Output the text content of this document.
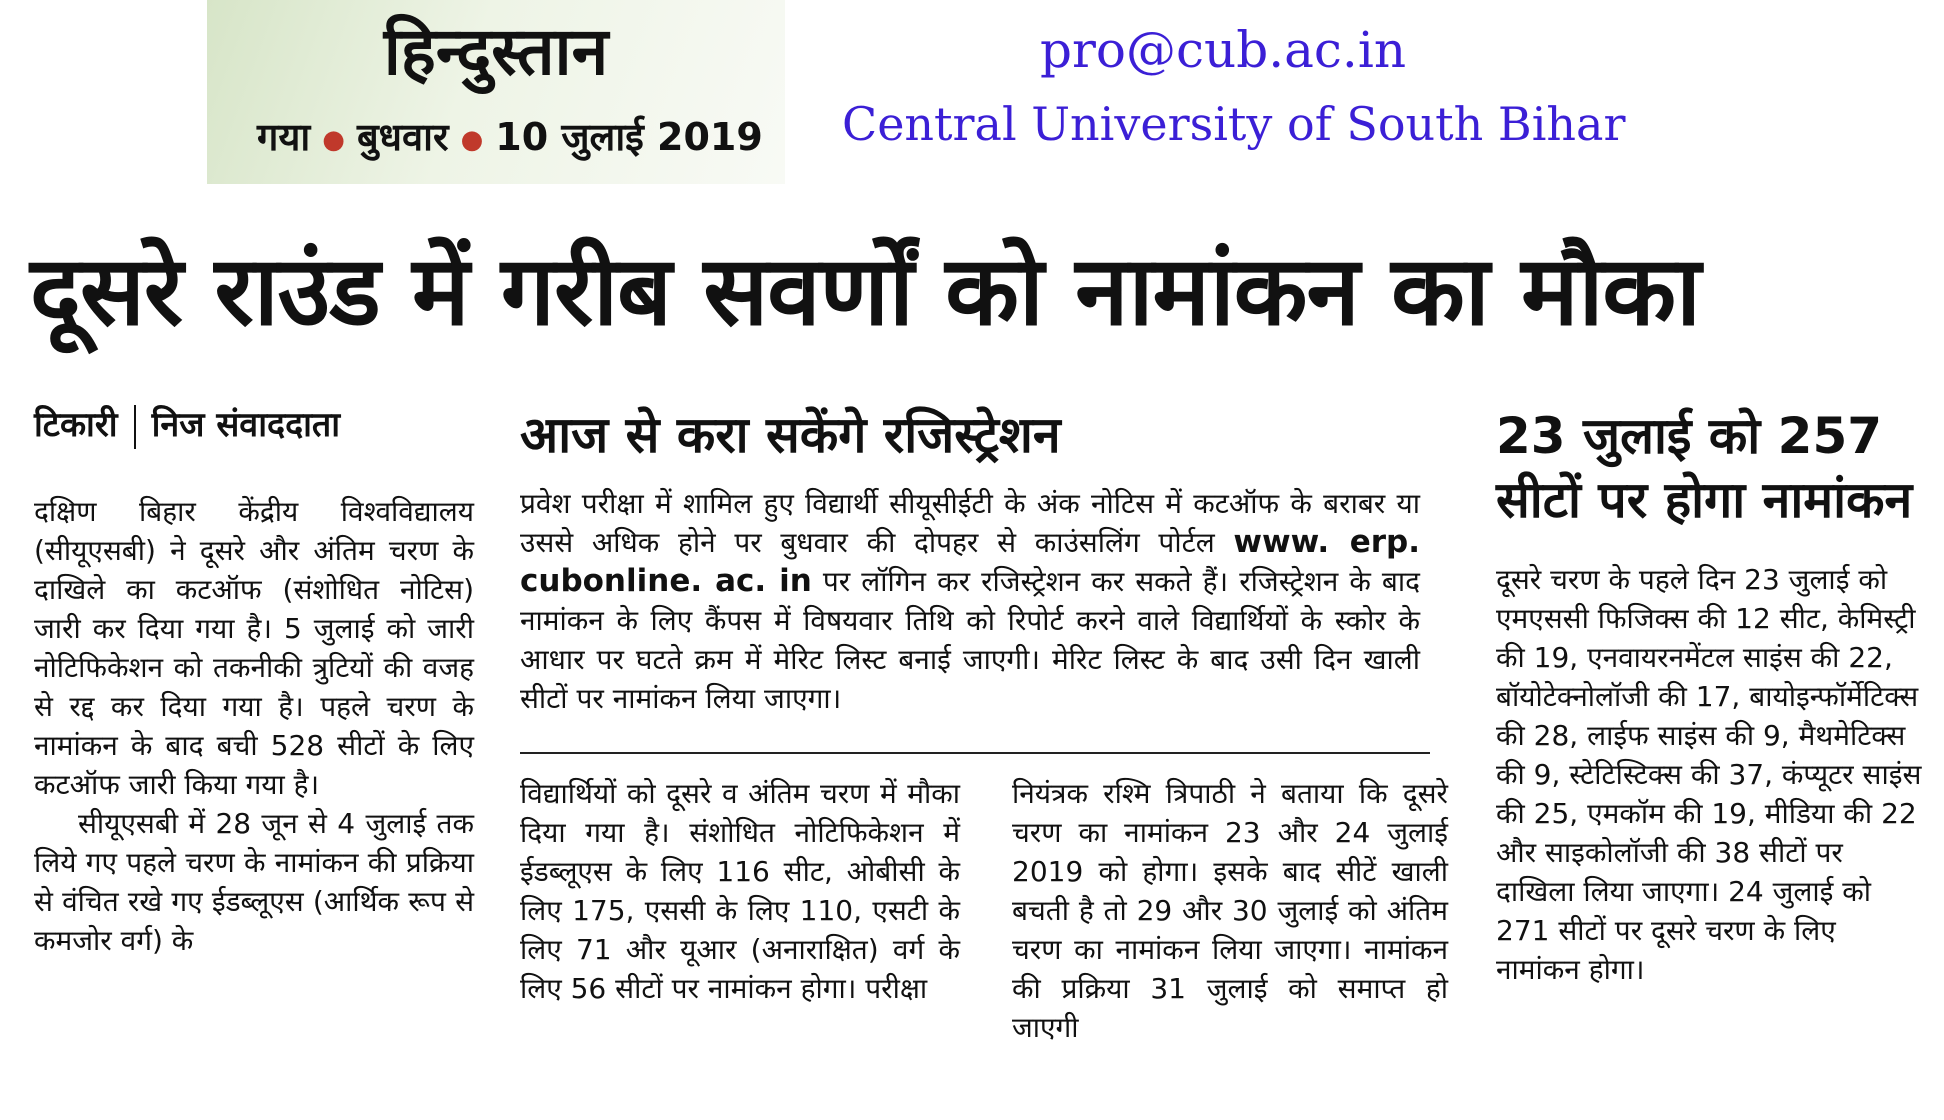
हिन्दुस्तान
गया ● बुधवार ● 10 जुलाई 2019
pro@cub.ac.in
Central University of South Bihar
दूसरे राउंड में गरीब सवर्णों को नामांकन का मौका
टिकारी निज संवाददाता

दक्षिण बिहार केंद्रीय विश्वविद्यालय (सीयूएसबी) ने दूसरे और अंतिम चरण के दाखिले का कटऑफ (संशोधित नोटिस) जारी कर दिया गया है। 5 जुलाई को जारी नोटिफिकेशन को तकनीकी त्रुटियों की वजह से रद्द कर दिया गया है। पहले चरण के नामांकन के बाद बची 528 सीटों के लिए कटऑफ जारी किया गया है।

सीयूएसबी में 28 जून से 4 जुलाई तक लिये गए पहले चरण के नामांकन की प्रक्रिया से वंचित रखे गए ईडब्लूएस (आर्थिक रूप से कमजोर वर्ग) के

आज से करा सकेंगे रजिस्ट्रेशन
प्रवेश परीक्षा में शामिल हुए विद्यार्थी सीयूसीईटी के अंक नोटिस में कटऑफ के बराबर या उससे अधिक होने पर बुधवार की दोपहर से काउंसलिंग पोर्टल www. erp. cubonline. ac. in पर लॉगिन कर रजिस्ट्रेशन कर सकते हैं। रजिस्ट्रेशन के बाद नामांकन के लिए कैंपस में विषयवार तिथि को रिपोर्ट करने वाले विद्यार्थियों के स्कोर के आधार पर घटते क्रम में मेरिट लिस्ट बनाई जाएगी। मेरिट लिस्ट के बाद उसी दिन खाली सीटों पर नामांकन लिया जाएगा।

विद्यार्थियों को दूसरे व अंतिम चरण में मौका दिया गया है। संशोधित नोटिफिकेशन में ईडब्लूएस के लिए 116 सीट, ओबीसी के लिए 175, एससी के लिए 110, एसटी के लिए 71 और यूआर (अनाराक्षित) वर्ग के लिए 56 सीटों पर नामांकन होगा। परीक्षा

नियंत्रक रश्मि त्रिपाठी ने बताया कि दूसरे चरण का नामांकन 23 और 24 जुलाई 2019 को होगा। इसके बाद सीटें खाली बचती है तो 29 और 30 जुलाई को अंतिम चरण का नामांकन लिया जाएगा। नामांकन की प्रक्रिया 31 जुलाई को समाप्त हो जाएगी

23 जुलाई को 257 सीटों पर होगा नामांकन

दूसरे चरण के पहले दिन 23 जुलाई को एमएससी फिजिक्स की 12 सीट, केमिस्ट्री की 19, एनवायरनमेंटल साइंस की 22, बॉयोटेक्नोलॉजी की 17, बायोइन्फॉर्मेटिक्स की 28, लाईफ साइंस की 9, मैथमेटिक्स की 9, स्टेटिस्टिक्स की 37, कंप्यूटर साइंस की 25, एमकॉम की 19, मीडिया की 22 और साइकोलॉजी की 38 सीटों पर दाखिला लिया जाएगा। 24 जुलाई को 271 सीटों पर दूसरे चरण के लिए नामांकन होगा।
